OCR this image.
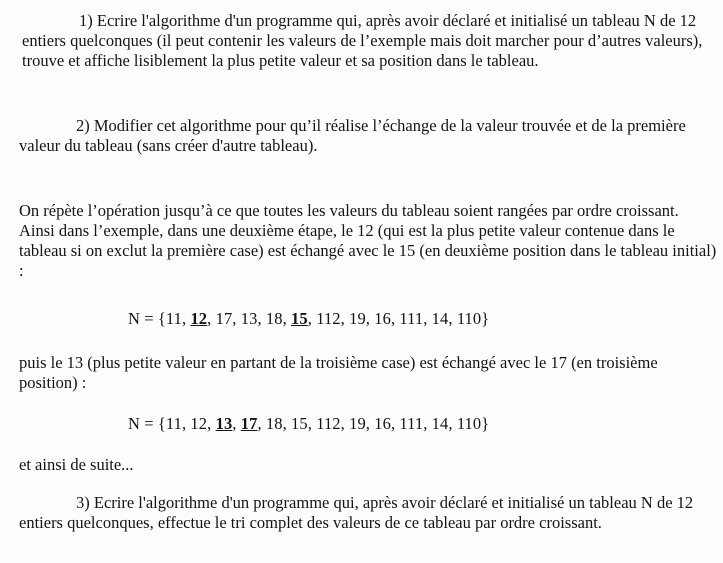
1) Ecrire l'algorithme d'un programme qui, après avoir déclaré et initialisé un tableau N de 12 entiers quelconques (il peut contenir les valeurs de l’exemple mais doit marcher pour d’autres valeurs), trouve et affiche lisiblement la plus petite valeur et sa position dans le tableau.

2) Modifier cet algorithme pour qu’il réalise l’échange de la valeur trouvée et de la première valeur du tableau (sans créer d'autre tableau).

On répète l’opération jusqu’à ce que toutes les valeurs du tableau soient rangées par ordre croissant. Ainsi dans l’exemple, dans une deuxième étape, le 12 (qui est la plus petite valeur contenue dans le tableau si on exclut la première case) est échangé avec le 15 (en deuxième position dans le tableau initial) :

N = {11, 12, 17, 13, 18, 15, 112, 19, 16, 111, 14, 110}

puis le 13 (plus petite valeur en partant de la troisième case) est échangé avec le 17 (en troisième position) :

N = {11, 12, 13, 17, 18, 15, 112, 19, 16, 111, 14, 110}

et ainsi de suite...

3) Ecrire l'algorithme d'un programme qui, après avoir déclaré et initialisé un tableau N de 12 entiers quelconques, effectue le tri complet des valeurs de ce tableau par ordre croissant.
